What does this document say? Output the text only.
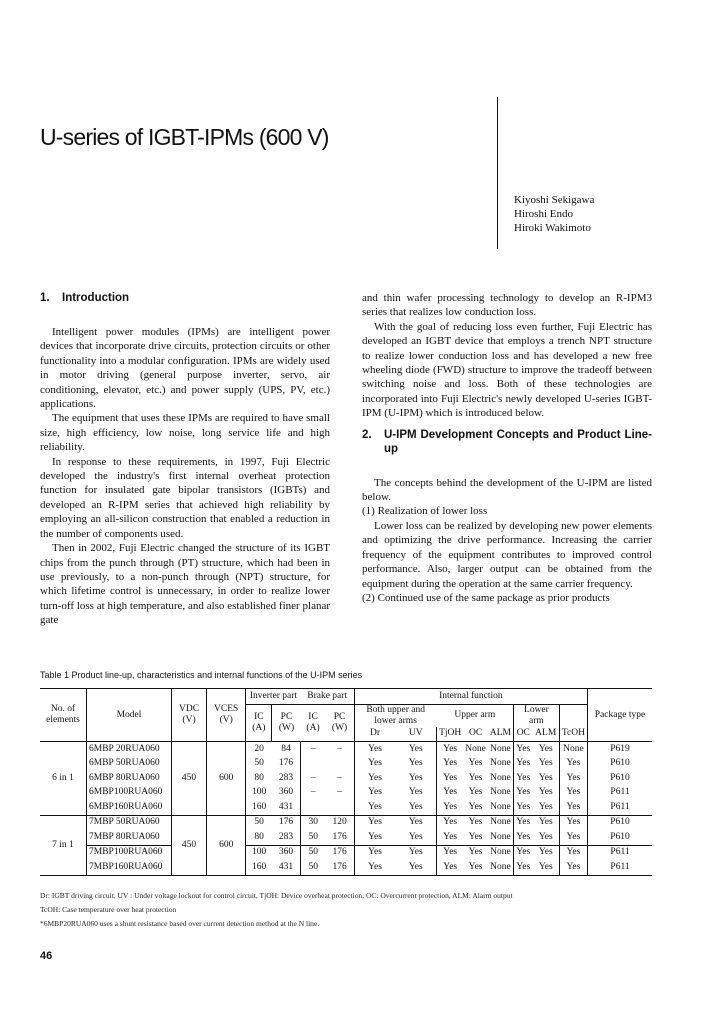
U-series of IGBT-IPMs (600 V)
Kiyoshi Sekigawa
Hiroshi Endo
Hiroki Wakimoto
1.	Introduction

Intelligent power modules (IPMs) are intelligent power devices that incorporate drive circuits, protection circuits or other functionality into a modular configuration. IPMs are widely used in motor driving (general purpose inverter, servo, air conditioning, elevator, etc.) and power supply (UPS, PV, etc.) applications.

The equipment that uses these IPMs are required to have small size, high efficiency, low noise, long service life and high reliability.

In response to these requirements, in 1997, Fuji Electric developed the industry's first internal overheat protection function for insulated gate bipolar transistors (IGBTs) and developed an R-IPM series that achieved high reliability by employing an all-silicon construction that enabled a reduction in the number of components used.

Then in 2002, Fuji Electric changed the structure of its IGBT chips from the punch through (PT) structure, which had been in use previously, to a non-punch through (NPT) structure, for which lifetime control is unnecessary, in order to realize lower turn-off loss at high temperature, and also established finer planar gate

and thin wafer processing technology to develop an R-IPM3 series that realizes low conduction loss.

With the goal of reducing loss even further, Fuji Electric has developed an IGBT device that employs a trench NPT structure to realize lower conduction loss and has developed a new free wheeling diode (FWD) structure to improve the tradeoff between switching noise and loss. Both of these technologies are incorporated into Fuji Electric's newly developed U-series IGBT-IPM (U-IPM) which is introduced below.

2.	U-IPM Development Concepts and Product Line-up

The concepts behind the development of the U-IPM are listed below.

(1) Realization of lower loss

Lower loss can be realized by developing new power elements and optimizing the drive performance. Increasing the carrier frequency of the equipment contributes to improved control performance. Also, larger output can be obtained from the equipment during the operation at the same carrier frequency.

(2) Continued use of the same package as prior products

Table 1 Product line-up, characteristics and internal functions of the U-IPM series
No. of elements	Model	VDC (V)	VCES (V)	Inverter part		Brake part		Internal function								Package type
				IC (A)	PC (W)	IC (A)	PC (W)	Both upper and lower arms		Upper arm			Lower arm			
								Dr	UV	TjOH	OC	ALM	OC	ALM	TcOH	
6 in 1	6MBP 20RUA060	450	600	20	84	–	–	Yes	Yes	Yes	None	None	Yes	Yes	None	P619
	6MBP 50RUA060			50	176			Yes	Yes	Yes	Yes	None	Yes	Yes	Yes	P610
	6MBP 80RUA060			80	283	–	–	Yes	Yes	Yes	Yes	None	Yes	Yes	Yes	P610
	6MBP100RUA060			100	360	–	–	Yes	Yes	Yes	Yes	None	Yes	Yes	Yes	P611
	6MBP160RUA060			160	431			Yes	Yes	Yes	Yes	None	Yes	Yes	Yes	P611
7 in 1	7MBP 50RUA060	450	600	50	176	30	120	Yes	Yes	Yes	Yes	None	Yes	Yes	Yes	P610
	7MBP 80RUA060			80	283	50	176	Yes	Yes	Yes	Yes	None	Yes	Yes	Yes	P610
	7MBP100RUA060			100	360	50	176	Yes	Yes	Yes	Yes	None	Yes	Yes	Yes	P611
	7MBP160RUA060			160	431	50	176	Yes	Yes	Yes	Yes	None	Yes	Yes	Yes	P611
Dr: IGBT driving circuit, UV : Under voltage lockout for control circuit, TjOH: Device overheat protection, OC: Overcurrent protection, ALM: Alarm output
TcOH: Case temperature over heat protection
*6MBP20RUA060 uses a shunt resistance based over current detection method at the N line.
46
